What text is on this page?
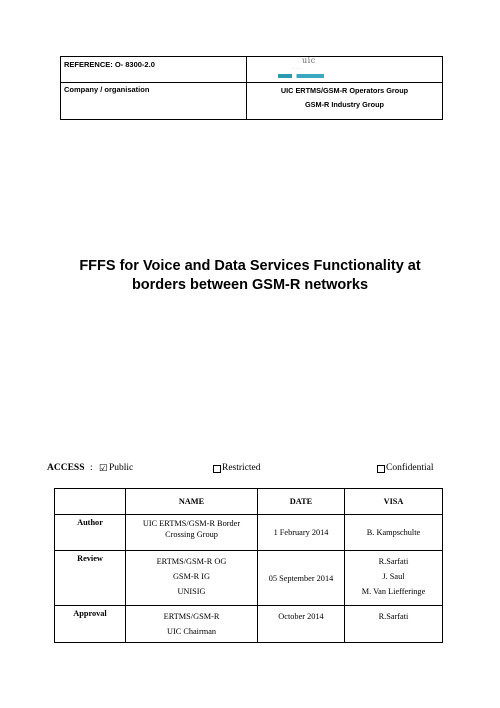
REFERENCE: O- 8300-2.0
Company / organisation	UIC ERTMS/GSM-R Operators Group
GSM-R Industry Group
uic
· · · · ·
FFFS for Voice and Data Services Functionality at
borders between GSM-R networks
ACCESS : ☑ Public	Restricted	Confidential
	NAME	DATE	VISA
Author	UIC ERTMS/GSM-R Border
Crossing Group	1 February 2014	B. Kampschulte
Review	ERTMS/GSM-R OG
GSM-R IG
UNISIG	05 September 2014	R.Sarfati
J. Saul
M. Van Liefferinge

Approval	ERTMS/GSM-R
UIC Chairman	October 2014	R.Sarfati
